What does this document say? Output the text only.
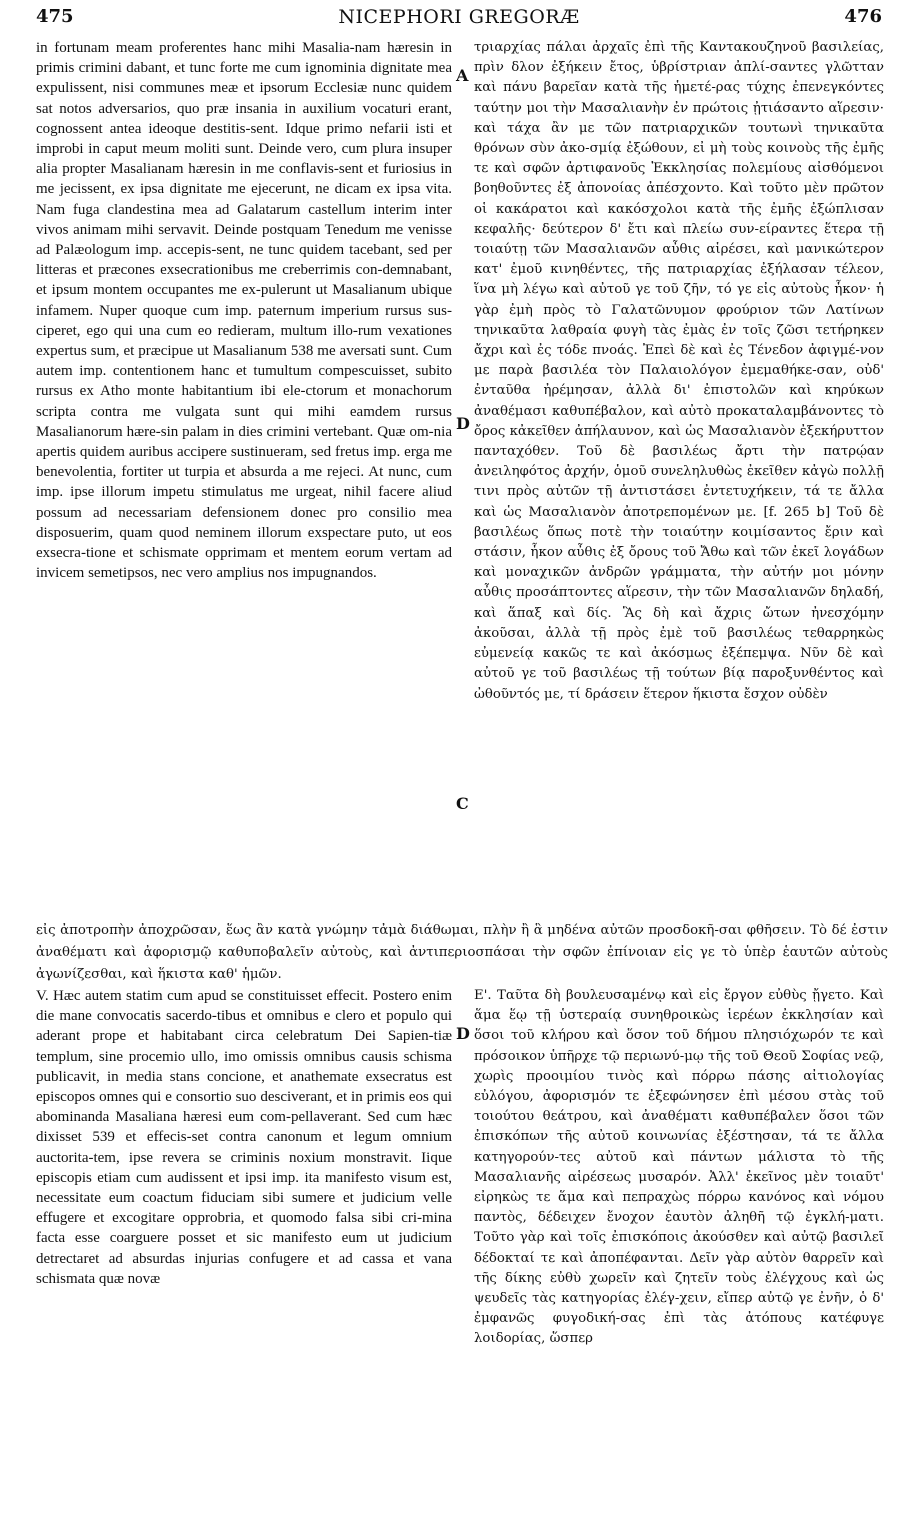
475	NICEPHORI GREGORÆ	476
A
D
C
D

in fortunam meam proferentes hanc mihi Masalia-nam hæresin in primis crimini dabant, et tunc forte me cum ignominia dignitate mea expulissent, nisi communes meæ et ipsorum Ecclesiæ nunc quidem sat notos adversarios, quo præ insania in auxilium vocaturi erant, cognossent antea ideoque destitis-sent. Idque primo nefarii isti et improbi in caput meum moliti sunt. Deinde vero, cum plura insuper alia propter Masalianam hæresin in me conflavis-sent et furiosius in me jecissent, ex ipsa dignitate me ejecerunt, ne dicam ex ipsa vita. Nam fuga clandestina mea ad Galatarum castellum interim inter vivos animam mihi servavit. Deinde postquam Tenedum me venisse ad Palæologum imp. accepis-sent, ne tunc quidem tacebant, sed per litteras et præcones exsecrationibus me creberrimis con-demnabant, et ipsum montem occupantes me ex-pulerunt ut Masalianum ubique infamem. Nuper quoque cum imp. paternum imperium rursus sus-ciperet, ego qui una cum eo redieram, multum illo-rum vexationes expertus sum, et præcipue ut Masalianum 538 me aversati sunt. Cum autem imp. contentionem hanc et tumultum compescuisset, subito rursus ex Atho monte habitantium ibi ele-ctorum et monachorum scripta contra me vulgata sunt qui mihi eamdem rursus Masalianorum hære-sin palam in dies crimini vertebant. Quæ om-nia apertis quidem auribus accipere sustinueram, sed fretus imp. erga me benevolentia, fortiter ut turpia et absurda a me rejeci. At nunc, cum imp. ipse illorum impetu stimulatus me urgeat, nihil facere aliud possum ad necessariam defensionem donec pro consilio mea disposuerim, quam quod neminem illorum exspectare puto, ut eos exsecra-tione et schismate opprimam et mentem eorum vertam ad invicem semetipsos, nec vero amplius nos impugnandos.

τριαρχίας πάλαι ἀρχαῖς ἐπὶ τῆς Καντακουζηνοῦ βασιλείας, πρὶν δλον ἐξήκειν ἔτος, ὑβρίστριαν ἀπλί-σαντες γλῶτταν καὶ πάνυ βαρεῖαν κατὰ τῆς ἡμετέ-ρας τύχης ἐπενεγκόντες ταύτην μοι τὴν Μασαλιανὴν ἐν πρώτοις ᾐτιάσαντο αἵρεσιν· καὶ τάχα ἂν με τῶν πατριαρχικῶν τουτωνὶ τηνικαῦτα θρόνων σὺν ἀκο-σμίᾳ ἐξώθουν, εἰ μὴ τοὺς κοινοὺς τῆς ἐμῆς τε καὶ σφῶν ἀρτιφανοῦς Ἐκκλησίας πολεμίους αἰσθόμενοι βοηθοῦντες ἐξ ἀπονοίας ἀπέσχοντο. Καὶ τοῦτο μὲν πρῶτον οἱ κακάρατοι καὶ κακόσχολοι κατὰ τῆς ἐμῆς ἐξώπλισαν κεφαλῆς· δεύτερον δ' ἔτι καὶ πλείω συν-είραντες ἕτερα τῇ τοιαύτῃ τῶν Μασαλιανῶν αὖθις αἱρέσει, καὶ μανικώτερον κατ' ἐμοῦ κινηθέντες, τῆς πατριαρχίας ἐξήλασαν τέλεον, ἵνα μὴ λέγω καὶ αὐτοῦ γε τοῦ ζῆν, τό γε εἰς αὐτοὺς ἧκον· ἡ γὰρ ἐμὴ πρὸς τὸ Γαλατῶνυμον φρούριον τῶν Λατίνων τηνικαῦτα λαθραία φυγὴ τὰς ἐμὰς ἐν τοῖς ζῶσι τετήρηκεν ἄχρι καὶ ἐς τόδε πνοάς. Ἐπεὶ δὲ καὶ ἐς Τένεδον ἀφιγμέ-νον με παρὰ βασιλέα τὸν Παλαιολόγον ἐμεμαθήκε-σαν, οὐδ' ἐνταῦθα ἠρέμησαν, ἀλλὰ δι' ἐπιστολῶν καὶ κηρύκων ἀναθέμασι καθυπέβαλον, καὶ αὐτὸ προκαταλαμβάνοντες τὸ ὄρος κἀκεῖθεν ἀπήλαυνον, καὶ ὡς Μασαλιανὸν ἐξεκήρυττον πανταχόθεν. Τοῦ δὲ βασιλέως ἄρτι τὴν πατρῴαν ἀνειληφότος ἀρχήν, ὁμοῦ συνεληλυθὼς ἐκεῖθεν κἀγὼ πολλῇ τινι πρὸς αὐτῶν τῇ ἀντιστάσει ἐντετυχήκειν, τά τε ἄλλα καὶ ὡς Μασαλιανὸν ἀποτρεπομένων με. [f. 265 b] Τοῦ δὲ βασιλέως ὅπως ποτὲ τὴν τοιαύτην κοιμίσαντος ἔριν καὶ στάσιν, ἧκον αὖθις ἐξ ὄρους τοῦ Ἄθω καὶ τῶν ἐκεῖ λογάδων καὶ μοναχικῶν ἀνδρῶν γράμματα, τὴν αὐτήν μοι μόνην αὖθις προσάπτοντες αἵρεσιν, τὴν τῶν Μασαλιανῶν δηλαδή, καὶ ἅπαξ καὶ δίς. Ἃς δὴ καὶ ἄχρις ὤτων ἠνεσχόμην ἀκοῦσαι, ἀλλὰ τῇ πρὸς ἐμὲ τοῦ βασιλέως τεθαρρηκὼς εὐμενείᾳ κακῶς τε καὶ ἀκόσμως ἐξέπεμψα. Νῦν δὲ καὶ αὐτοῦ γε τοῦ βασιλέως τῇ τούτων βίᾳ παροξυνθέντος καὶ ὠθοῦντός με, τί δράσειν ἕτερον ἥκιστα ἔσχον οὐδὲν

εἰς ἀποτροπὴν ἀποχρῶσαν, ἕως ἂν κατὰ γνώμην τἀμὰ διάθωμαι, πλὴν ἢ ἃ μηδένα αὐτῶν προσδοκῆ-σαι φθῆσειν. Τὸ δέ ἐστιν ἀναθέματι καὶ ἀφορισμῷ καθυποβαλεῖν αὐτοὺς, καὶ ἀντιπεριοσπάσαι τὴν σφῶν ἐπίνοιαν εἰς γε τὸ ὑπὲρ ἑαυτῶν αὐτοὺς ἀγωνίζεσθαι, καὶ ἥκιστα καθ' ἡμῶν.

V. Hæc autem statim cum apud se constituisset effecit. Postero enim die mane convocatis sacerdo-tibus et omnibus e clero et populo qui aderant prope et habitabant circa celebratum Dei Sapien-tiæ templum, sine procemio ullo, imo omissis omnibus causis schisma publicavit, in media stans concione, et anathemate exsecratus est episcopos omnes qui e consortio suo desciverant, et in primis eos qui abominanda Masaliana hæresi eum com-pellaverant. Sed cum hæc dixisset 539 et effecis-set contra canonum et legum omnium auctorita-tem, ipse revera se criminis noxium monstravit. Iique episcopis etiam cum audissent et ipsi imp. ita manifesto visum est, necessitate eum coactum fiduciam sibi sumere et judicium velle effugere et excogitare opprobria, et quomodo falsa sibi cri-mina facta esse coarguere posset et sic manifesto eum ut judicium detrectaret ad absurdas injurias confugere et ad cassa et vana schismata quæ novæ

Ε'. Ταῦτα δὴ βουλευσαμένῳ καὶ εἰς ἔργον εὐθὺς ᾔγετο. Καὶ ἅμα ἕῳ τῇ ὑστεραίᾳ συνηθροικὼς ἱερέων ἐκκλησίαν καὶ ὅσοι τοῦ κλήρου καὶ ὅσον τοῦ δήμου πλησιόχωρόν τε καὶ πρόσοικον ὑπῆρχε τῷ περιωνύ-μῳ τῆς τοῦ Θεοῦ Σοφίας νεῷ, χωρὶς προοιμίου τινὸς καὶ πόρρω πάσης αἰτιολογίας εὐλόγου, ἀφορισμόν τε ἐξεφώνησεν ἐπὶ μέσου στὰς τοῦ τοιούτου θεάτρου, καὶ ἀναθέματι καθυπέβαλεν ὅσοι τῶν ἐπισκόπων τῆς αὐτοῦ κοινωνίας ἐξέστησαν, τά τε ἄλλα κατηγορούν-τες αὐτοῦ καὶ πάντων μάλιστα τὸ τῆς Μασαλιανῆς αἱρέσεως μυσαρόν. Ἀλλ' ἐκεῖνος μὲν τοιαῦτ' εἰρηκὼς τε ἅμα καὶ πεπραχὼς πόρρω κανόνος καὶ νόμου παντὸς, δέδειχεν ἔνοχον ἑαυτὸν ἀληθῆ τῷ ἐγκλή-ματι. Τοῦτο γὰρ καὶ τοῖς ἐπισκόποις ἀκούσθεν καὶ αὐτῷ βασιλεῖ δέδοκταί τε καὶ ἀποπέφανται. Δεῖν γὰρ αὐτὸν θαρρεῖν καὶ τῆς δίκης εὐθὺ χωρεῖν καὶ ζητεῖν τοὺς ἐλέγχους καὶ ὡς ψευδεῖς τὰς κατηγορίας ἐλέγ-χειν, εἴπερ αὐτῷ γε ἐνῆν, ὁ δ' ἐμφανῶς φυγοδική-σας ἐπὶ τὰς ἀτόπους κατέφυγε λοιδορίας, ὥσπερ
